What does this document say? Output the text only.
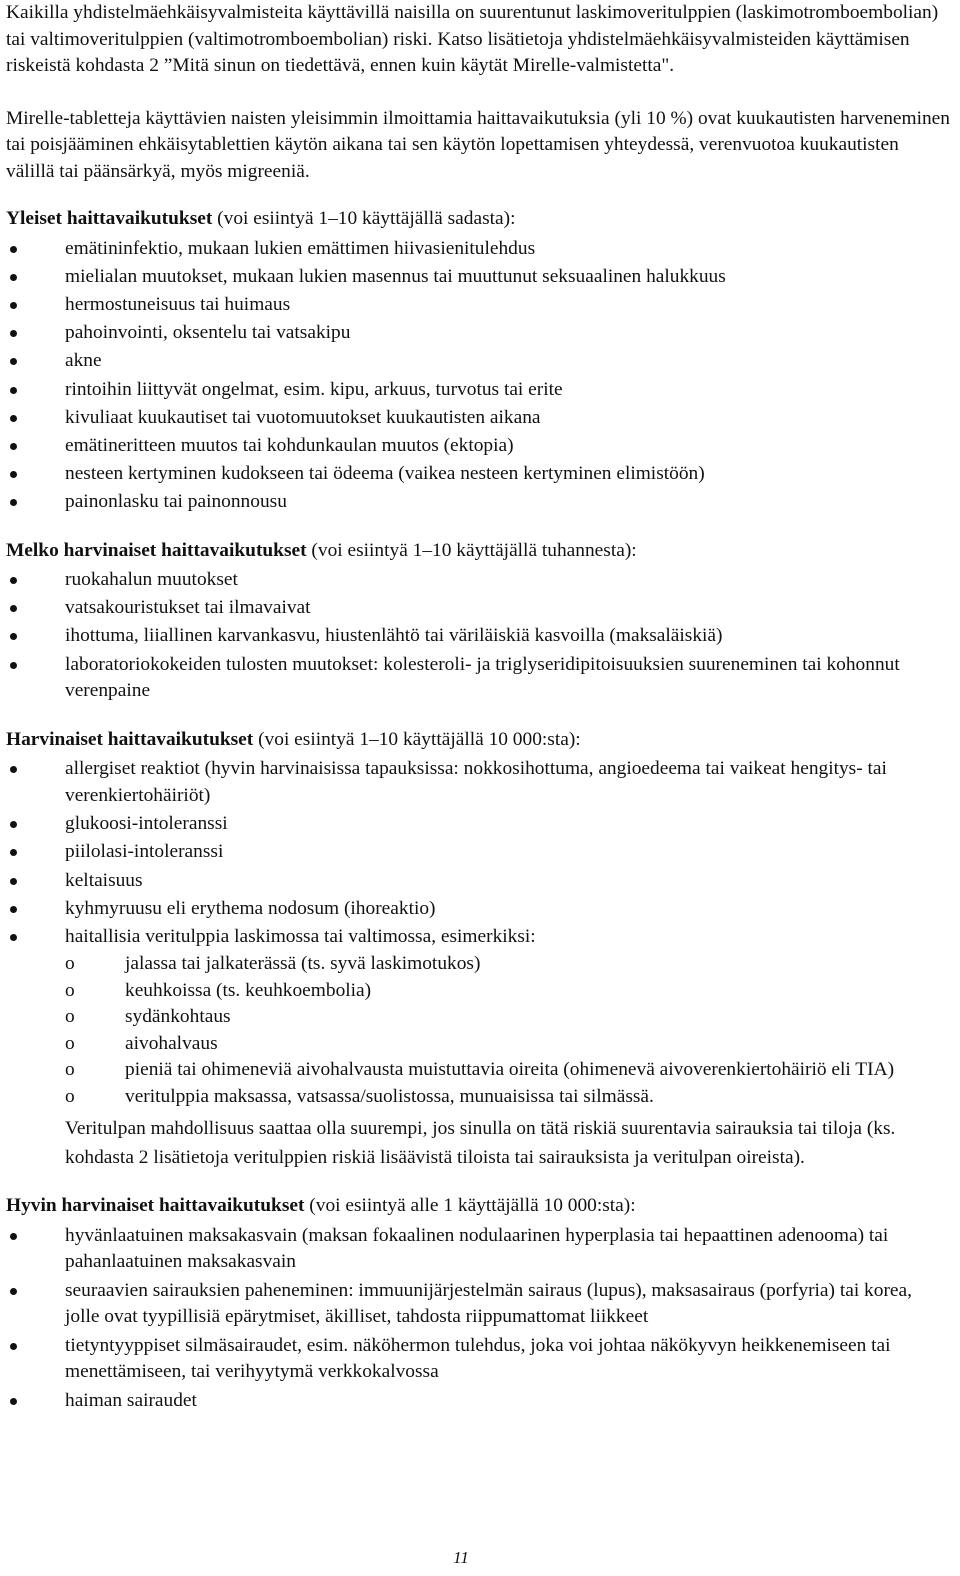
Kaikilla yhdistelmäehkäisyvalmisteita käyttävillä naisilla on suurentunut laskimoveritulppien (laskimotromboembolian) tai valtimoveritulppien (valtimotromboembolian) riski. Katso lisätietoja yhdistelmäehkäisyvalmisteiden käyttämisen riskeistä kohdasta 2 ”Mitä sinun on tiedettävä, ennen kuin käytät Mirelle-valmistetta".

Mirelle-tabletteja käyttävien naisten yleisimmin ilmoittamia haittavaikutuksia (yli 10 %) ovat kuukautisten harveneminen tai poisjääminen ehkäisytablettien käytön aikana tai sen käytön lopettamisen yhteydessä, verenvuotoa kuukautisten välillä tai päänsärkyä, myös migreeniä.

Yleiset haittavaikutukset (voi esiintyä 1–10 käyttäjällä sadasta):

emätininfektio, mukaan lukien emättimen hiivasienitulehdus
mielialan muutokset, mukaan lukien masennus tai muuttunut seksuaalinen halukkuus
hermostuneisuus tai huimaus
pahoinvointi, oksentelu tai vatsakipu
akne
rintoihin liittyvät ongelmat, esim. kipu, arkuus, turvotus tai erite
kivuliaat kuukautiset tai vuotomuutokset kuukautisten aikana
emätineritteen muutos tai kohdunkaulan muutos (ektopia)
nesteen kertyminen kudokseen tai ödeema (vaikea nesteen kertyminen elimistöön)
painonlasku tai painonnousu

Melko harvinaiset haittavaikutukset (voi esiintyä 1–10 käyttäjällä tuhannesta):

ruokahalun muutokset
vatsakouristukset tai ilmavaivat
ihottuma, liiallinen karvankasvu, hiustenlähtö tai väriläiskiä kasvoilla (maksaläiskiä)
laboratoriokokeiden tulosten muutokset: kolesteroli- ja triglyseridipitoisuuksien suureneminen tai kohonnut verenpaine

Harvinaiset haittavaikutukset (voi esiintyä 1–10 käyttäjällä 10 000:sta):

allergiset reaktiot (hyvin harvinaisissa tapauksissa: nokkosihottuma, angioedeema tai vaikeat hengitys- tai verenkiertohäiriöt)
glukoosi-intoleranssi
piilolasi-intoleranssi
keltaisuus
kyhmyruusu eli erythema nodosum (ihoreaktio)
haitallisia veritulppia laskimossa tai valtimossa, esimerkiksi:
o jalassa tai jalkaterässä (ts. syvä laskimotukos)
o keuhkoissa (ts. keuhkoembolia)
o sydänkohtaus
o aivohalvaus
o pieniä tai ohimeneviä aivohalvausta muistuttavia oireita (ohimenevä aivoverenkiertohäiriö eli TIA)
o veritulppia maksassa, vatsassa/suolistossa, munuaisissa tai silmässä.

Veritulpan mahdollisuus saattaa olla suurempi, jos sinulla on tätä riskiä suurentavia sairauksia tai tiloja (ks. kohdasta 2 lisätietoja veritulppien riskiä lisäävistä tiloista tai sairauksista ja veritulpan oireista).

Hyvin harvinaiset haittavaikutukset (voi esiintyä alle 1 käyttäjällä 10 000:sta):

hyvänlaatuinen maksakasvain (maksan fokaalinen nodulaarinen hyperplasia tai hepaattinen adenooma) tai pahanlaatuinen maksakasvain
seuraavien sairauksien paheneminen: immuunijärjestelmän sairaus (lupus), maksasairaus (porfyria) tai korea, jolle ovat tyypillisiä epärytmiset, äkilliset, tahdosta riippumattomat liikkeet
tietyntyyppiset silmäsairaudet, esim. näköhermon tulehdus, joka voi johtaa näkökyvyn heikkenemiseen tai menettämiseen, tai verihyytymä verkkokalvossa
haiman sairaudet
11
